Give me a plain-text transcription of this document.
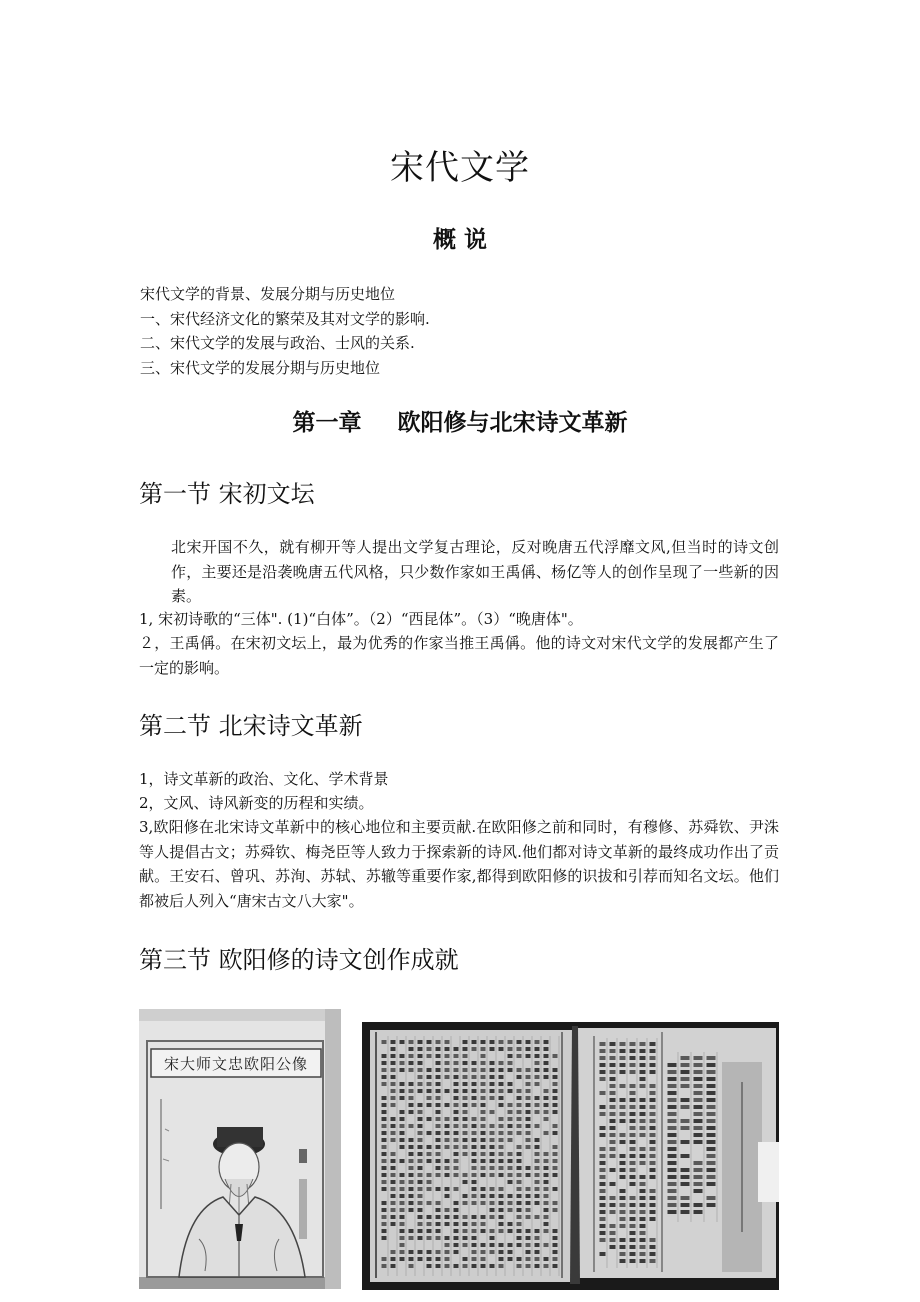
宋代文学
概 说
宋代文学的背景、发展分期与历史地位
一、宋代经济文化的繁荣及其对文学的影响.
二、宋代文学的发展与政治、士风的关系.
三、宋代文学的发展分期与历史地位
第一章 欧阳修与北宋诗文革新
第一节 宋初文坛
北宋开国不久，就有柳开等人提出文学复古理论，反对晚唐五代浮靡文风,但当时的诗文创作，主要还是沿袭晚唐五代风格，只少数作家如王禹偁、杨亿等人的创作呈现了一些新的因素。
1, 宋初诗歌的“三体". (1)“白体”。（2）“西昆体”。（3）“晚唐体"。
２，王禹偁。在宋初文坛上，最为优秀的作家当推王禹偁。他的诗文对宋代文学的发展都产生了一定的影响。
第二节 北宋诗文革新
1，诗文革新的政治、文化、学术背景
2，文风、诗风新变的历程和实绩。
3,欧阳修在北宋诗文革新中的核心地位和主要贡献.在欧阳修之前和同时，有穆修、苏舜钦、尹洙等人提倡古文；苏舜钦、梅尧臣等人致力于探索新的诗风.他们都对诗文革新的最终成功作出了贡献。王安石、曾巩、苏洵、苏轼、苏辙等重要作家,都得到欧阳修的识拔和引荐而知名文坛。他们都被后人列入“唐宋古文八大家"。
第三节 欧阳修的诗文创作成就
宋大师文忠欧阳公像
